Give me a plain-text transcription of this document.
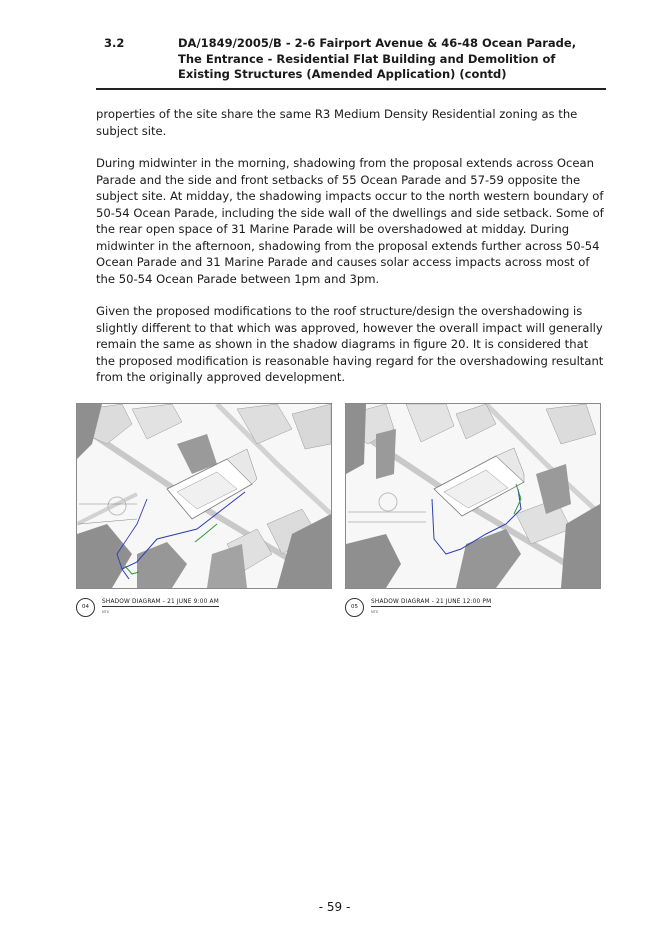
3.2	DA/1849/2005/B - 2-6 Fairport Avenue & 46-48 Ocean Parade, The Entrance - Residential Flat Building and Demolition of Existing Structures (Amended Application) (contd)

properties of the site share the same R3 Medium Density Residential zoning as the subject site.

During midwinter in the morning, shadowing from the proposal extends across Ocean Parade and the side and front setbacks of 55 Ocean Parade and 57-59 opposite the subject site. At midday, the shadowing impacts occur to the north western boundary of 50-54 Ocean Parade, including the side wall of the dwellings and side setback. Some of the rear open space of 31 Marine Parade will be overshadowed at midday. During midwinter in the afternoon, shadowing from the proposal extends further across 50-54 Ocean Parade and 31 Marine Parade and causes solar access impacts across most of the 50-54 Ocean Parade between 1pm and 3pm.

Given the proposed modifications to the roof structure/design the overshadowing is slightly different to that which was approved, however the overall impact will generally remain the same as shown in the shadow diagrams in figure 20. It is considered that the proposed modification is reasonable having regard for the overshadowing resultant from the originally approved development.

04
SHADOW DIAGRAM - 21 JUNE 9:00 AM
NTS
05
SHADOW DIAGRAM - 21 JUNE 12:00 PM
NTS
- 59 -
